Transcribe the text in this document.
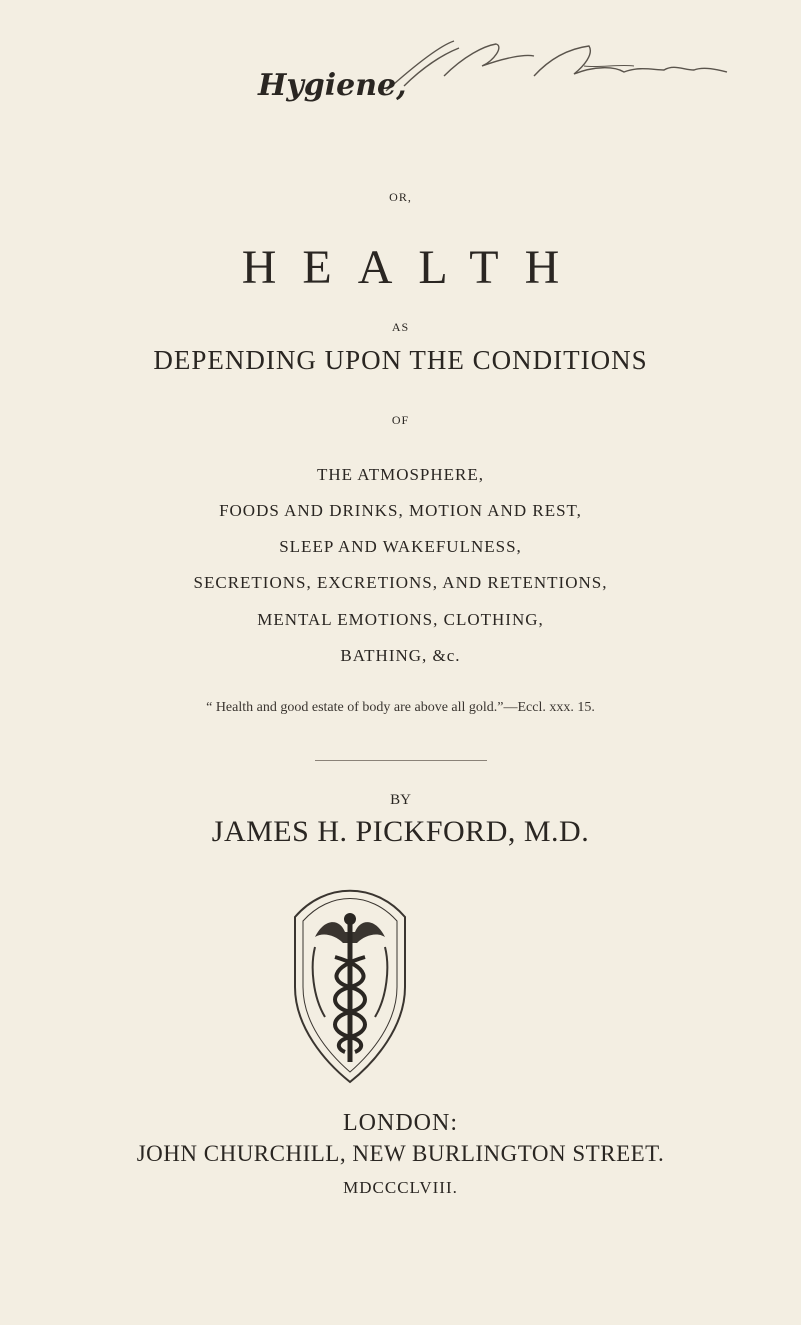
Hygiene,

OR,

HEALTH

AS

DEPENDING UPON THE CONDITIONS

OF

THE ATMOSPHERE,

FOODS AND DRINKS, MOTION AND REST,

SLEEP AND WAKEFULNESS,

SECRETIONS, EXCRETIONS, AND RETENTIONS,

MENTAL EMOTIONS, CLOTHING,

BATHING, &c.

“ Health and good estate of body are above all gold.”—Eccl. xxx. 15.

BY

JAMES H. PICKFORD, M.D.

LONDON:

JOHN CHURCHILL, NEW BURLINGTON STREET.

MDCCCLVIII.
